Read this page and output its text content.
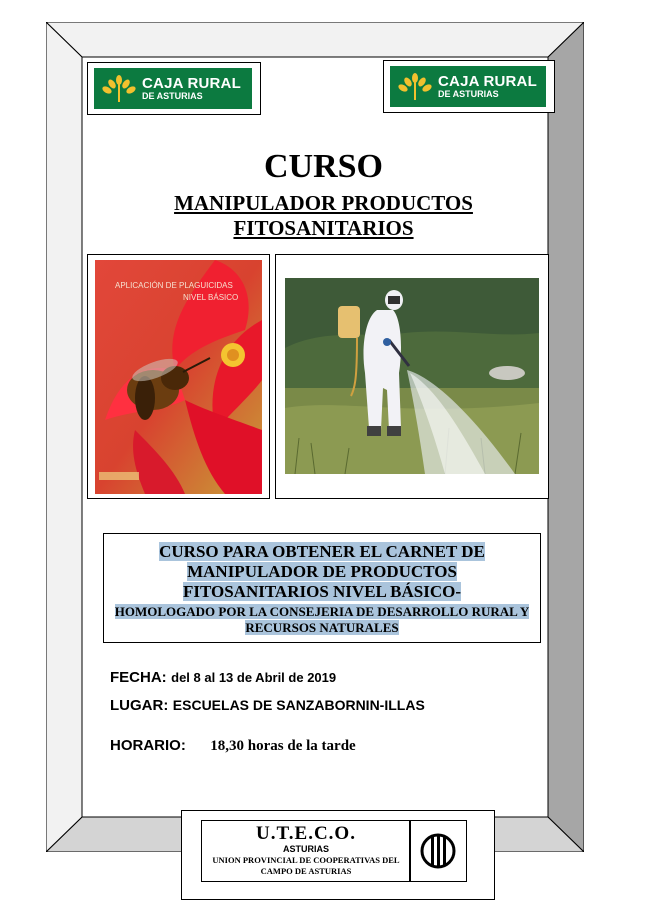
CAJA RURAL
DE ASTURIAS
CAJA RURAL
DE ASTURIAS
CURSO
MANIPULADOR PRODUCTOS
FITOSANITARIOS
APLICACIÓN DE PLAGUICIDAS
NIVEL BÁSICO
CURSO PARA OBTENER EL CARNET DE
MANIPULADOR DE PRODUCTOS
FITOSANITARIOS NIVEL BÁSICO-
HOMOLOGADO POR LA CONSEJERIA DE DESARROLLO RURAL Y
RECURSOS NATURALES
FECHA: del 8 al 13 de Abril de 2019
LUGAR: ESCUELAS DE SANZABORNIN-ILLAS
HORARIO: 18,30 horas de la tarde
U.T.E.C.O.
ASTURIAS
UNION PROVINCIAL DE COOPERATIVAS DEL
CAMPO DE ASTURIAS
